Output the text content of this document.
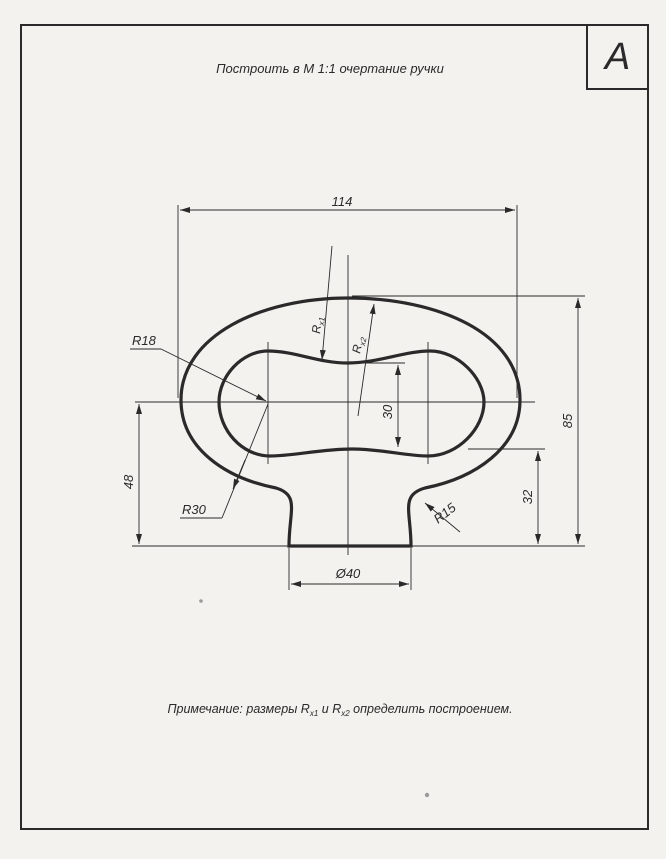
A
Построить в М 1:1 очертание ручки
114
85
32
48
30
Ø40
R18
R30	R15
$R_{x1}$
$R_{x2}$
Примечание: размеры $R_{x1}$ и $R_{x2}$ определить построением.
